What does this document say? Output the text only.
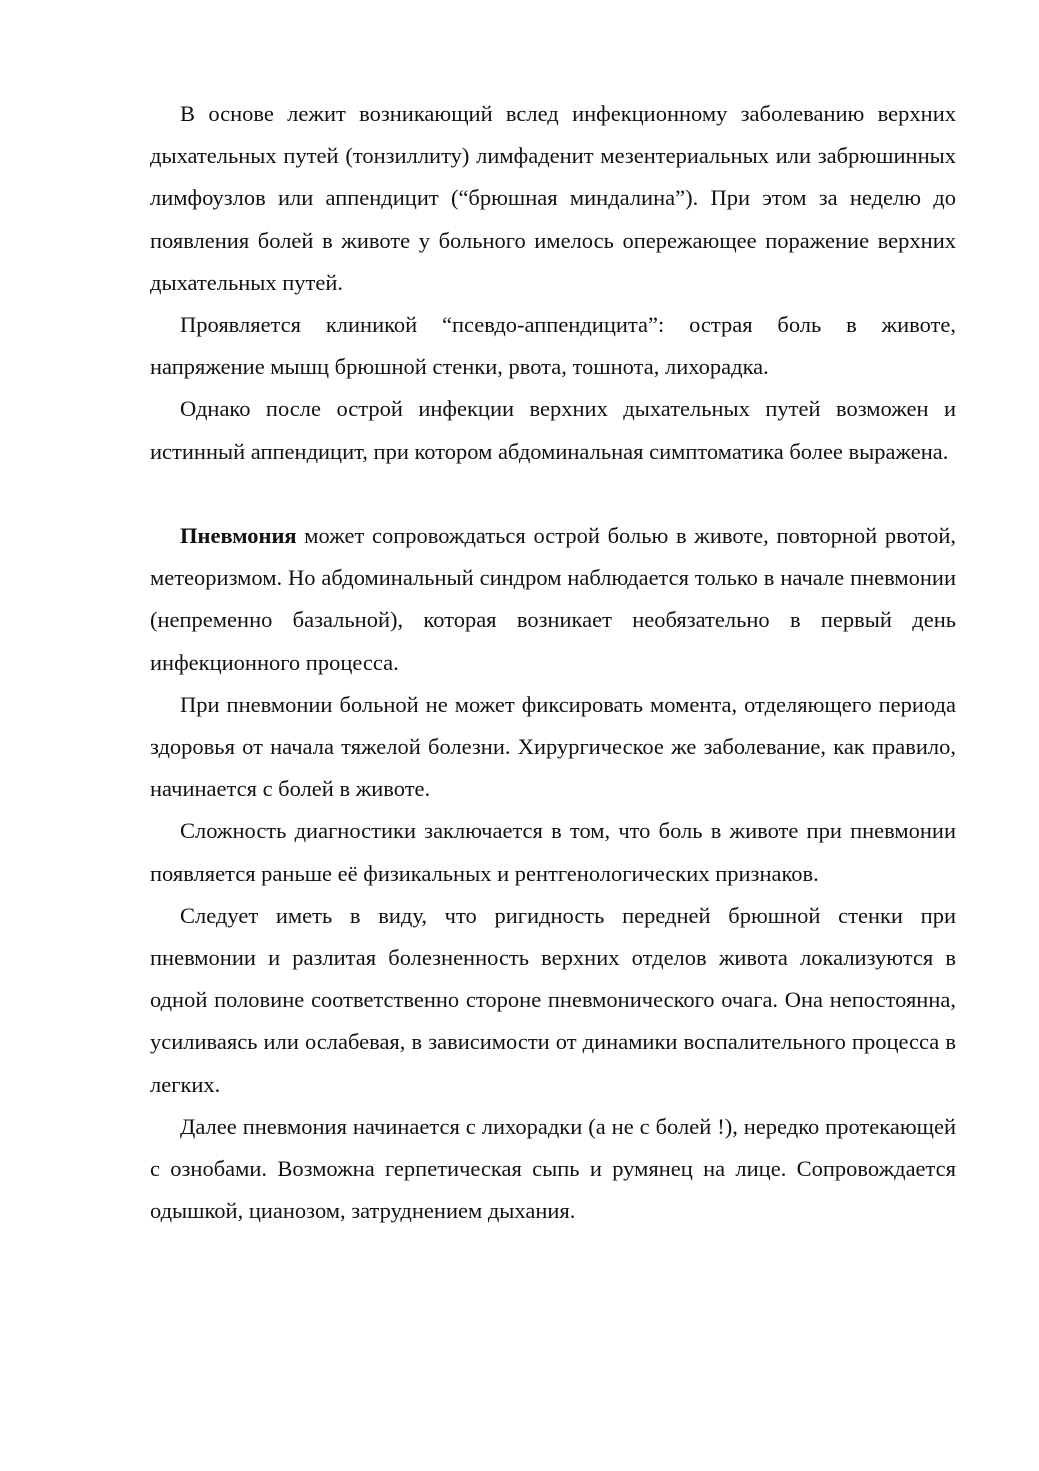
В основе лежит возникающий вслед инфекционному заболеванию верхних дыхательных путей (тонзиллиту) лимфаденит мезентериальных или забрюшинных лимфоузлов или аппендицит (“брюшная миндалина”). При этом за неделю до появления болей в животе у больного имелось опережающее поражение верхних дыхательных путей.

Проявляется клиникой “псевдо-аппендицита”: острая боль в животе, напряжение мышц брюшной стенки, рвота, тошнота, лихорадка.

Однако после острой инфекции верхних дыхательных путей возможен и истинный аппендицит, при котором абдоминальная симптоматика более выражена.

Пневмония может сопровождаться острой болью в животе, повторной рвотой, метеоризмом. Но абдоминальный синдром наблюдается только в начале пневмонии (непременно базальной), которая возникает необязательно в первый день инфекционного процесса.

При пневмонии больной не может фиксировать момента, отделяющего периода здоровья от начала тяжелой болезни. Хирургическое же заболевание, как правило, начинается с болей в животе.

Сложность диагностики заключается в том, что боль в животе при пневмонии появляется раньше её физикальных и рентгенологических признаков.

Следует иметь в виду, что ригидность передней брюшной стенки при пневмонии и разлитая болезненность верхних отделов живота локализуются в одной половине соответственно стороне пневмонического очага. Она непостоянна, усиливаясь или ослабевая, в зависимости от динамики воспалительного процесса в легких.

Далее пневмония начинается с лихорадки (а не с болей !), нередко протекающей с ознобами. Возможна герпетическая сыпь и румянец на лице. Сопровождается одышкой, цианозом, затруднением дыхания.
